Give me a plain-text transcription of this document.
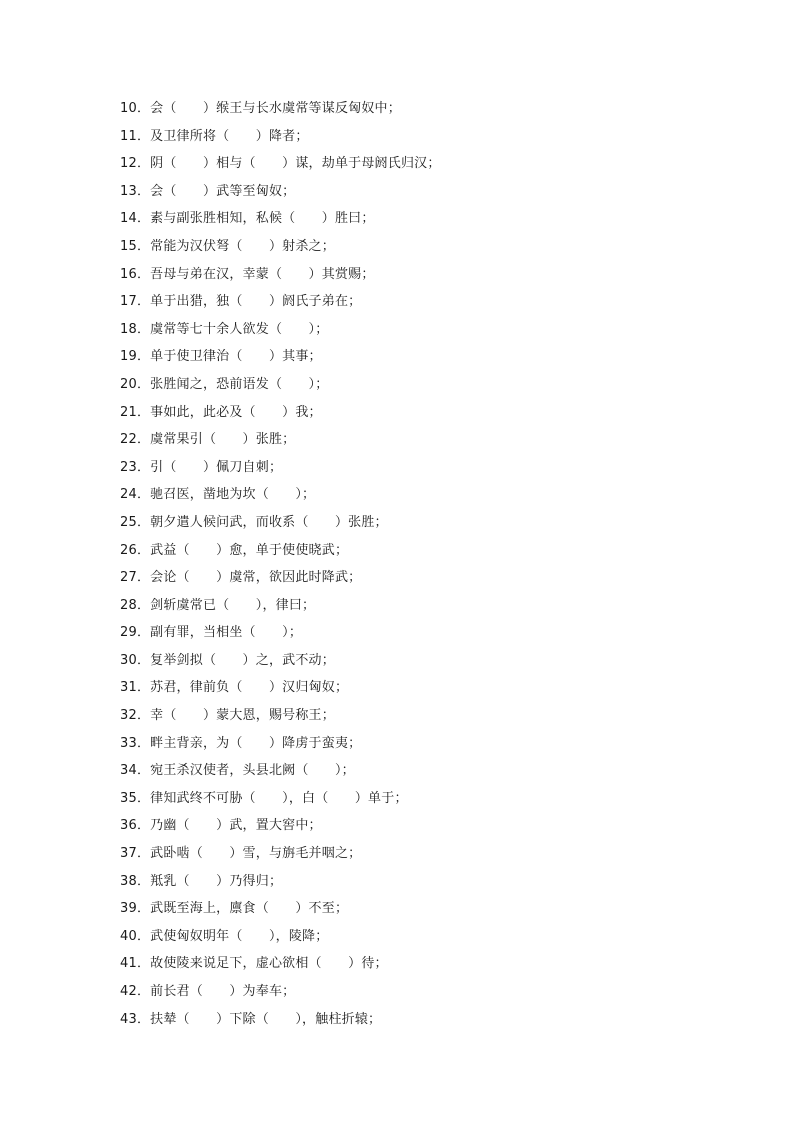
10．会（　　）缑王与长水虞常等谋反匈奴中；
11．及卫律所将（　　）降者；
12．阴（　　）相与（　　）谋，劫单于母阏氏归汉；
13．会（　　）武等至匈奴；
14．素与副张胜相知，私候（　　）胜曰；
15．常能为汉伏弩（　　）射杀之；
16．吾母与弟在汉，幸蒙（　　）其赏赐；
17．单于出猎，独（　　）阏氏子弟在；
18．虞常等七十余人欲发（　　）；
19．单于使卫律治（　　）其事；
20．张胜闻之，恐前语发（　　）；
21．事如此，此必及（　　）我；
22．虞常果引（　　）张胜；
23．引（　　）佩刀自刺；
24．驰召医，凿地为坎（　　）；
25．朝夕遣人候问武，而收系（　　）张胜；
26．武益（　　）愈，单于使使晓武；
27．会论（　　）虞常，欲因此时降武；
28．剑斩虞常已（　　），律曰；
29．副有罪，当相坐（　　）；
30．复举剑拟（　　）之，武不动；
31．苏君，律前负（　　）汉归匈奴；
32．幸（　　）蒙大恩，赐号称王；
33．畔主背亲，为（　　）降虏于蛮夷；
34．宛王杀汉使者，头县北阙（　　）；
35．律知武终不可胁（　　），白（　　）单于；
36．乃幽（　　）武，置大窖中；
37．武卧啮（　　）雪，与旃毛并咽之；
38．羝乳（　　）乃得归；
39．武既至海上，廪食（　　）不至；
40．武使匈奴明年（　　），陵降；
41．故使陵来说足下，虚心欲相（　　）待；
42．前长君（　　）为奉车；
43．扶辇（　　）下除（　　），触柱折辕；
